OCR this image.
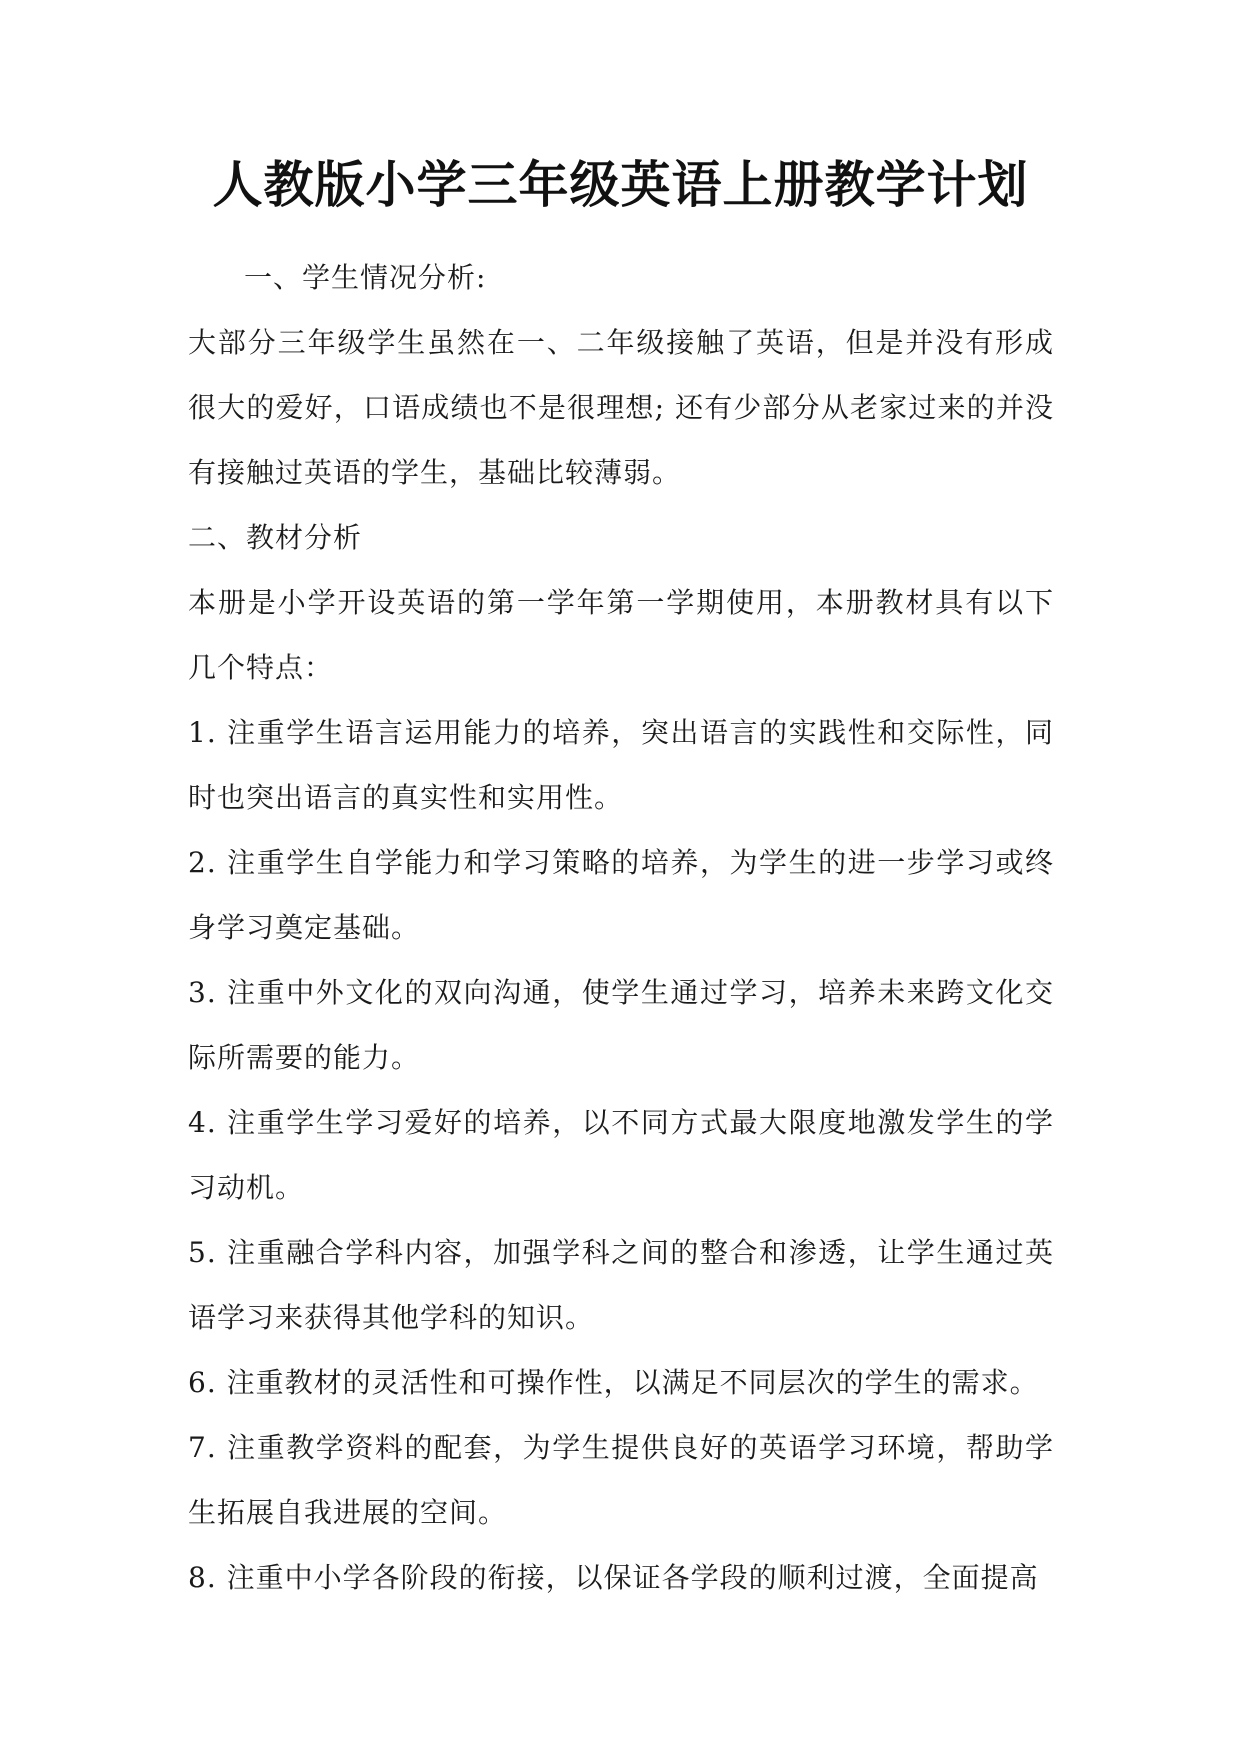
人教版小学三年级英语上册教学计划

一、学生情况分析:

大部分三年级学生虽然在一、二年级接触了英语，但是并没有形成很大的爱好，口语成绩也不是很理想; 还有少部分从老家过来的并没有接触过英语的学生，基础比较薄弱。

二、教材分析

本册是小学开设英语的第一学年第一学期使用，本册教材具有以下几个特点：

1. 注重学生语言运用能力的培养，突出语言的实践性和交际性，同时也突出语言的真实性和实用性。

2. 注重学生自学能力和学习策略的培养，为学生的进一步学习或终身学习奠定基础。

3. 注重中外文化的双向沟通，使学生通过学习，培养未来跨文化交际所需要的能力。

4. 注重学生学习爱好的培养，以不同方式最大限度地激发学生的学习动机。

5. 注重融合学科内容，加强学科之间的整合和渗透，让学生通过英语学习来获得其他学科的知识。

6. 注重教材的灵活性和可操作性，以满足不同层次的学生的需求。

7. 注重教学资料的配套，为学生提供良好的英语学习环境，帮助学生拓展自我进展的空间。

8. 注重中小学各阶段的衔接，以保证各学段的顺利过渡，全面提高
